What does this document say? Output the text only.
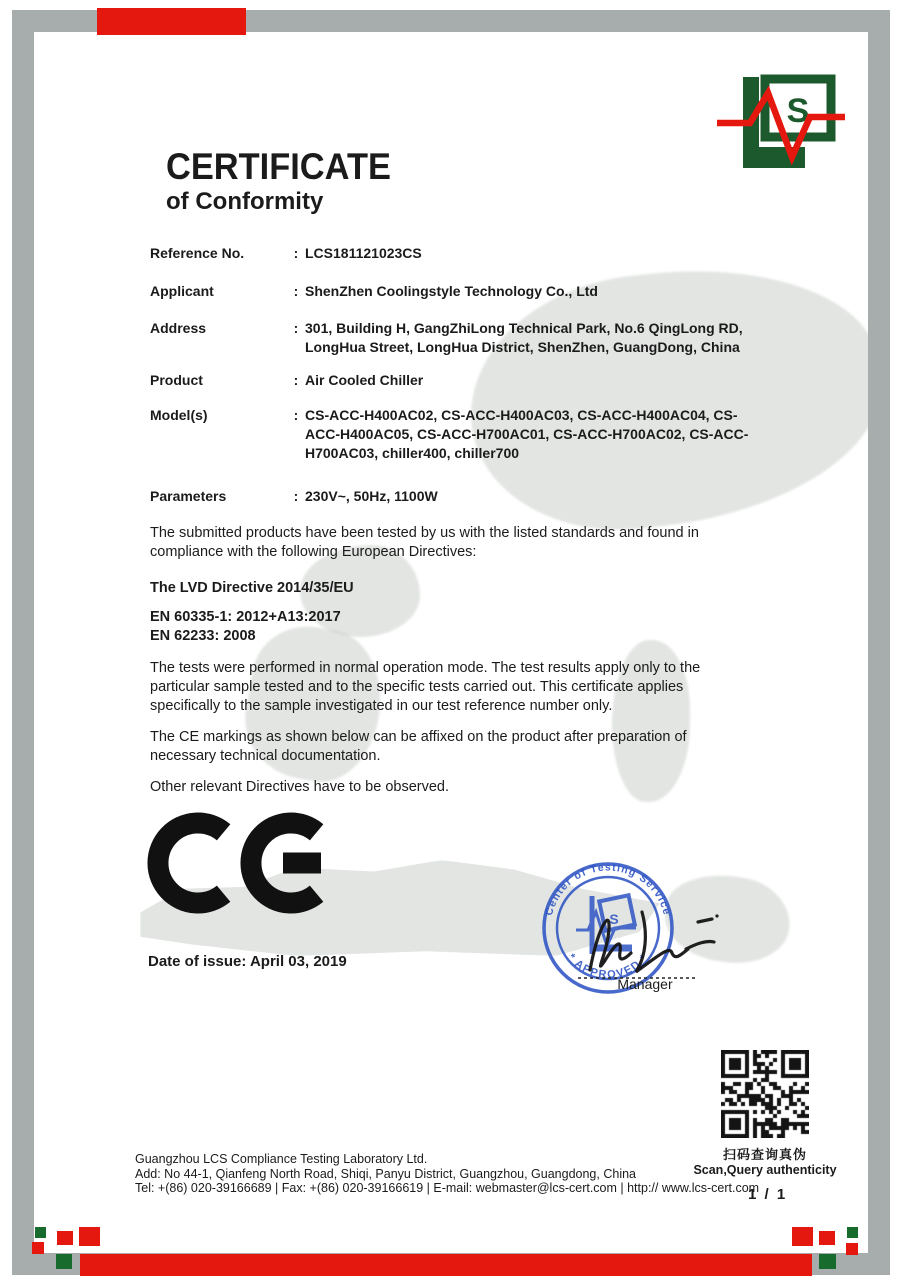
S
CERTIFICATE
of Conformity
Reference No.	: LCS181121023CS
Applicant	: ShenZhen Coolingstyle Technology Co., Ltd
Address	: 301, Building H, GangZhiLong Technical Park, No.6 QingLong RD, LongHua Street, LongHua District, ShenZhen, GuangDong, China
Product	: Air Cooled Chiller
Model(s)	: CS-ACC-H400AC02, CS-ACC-H400AC03, CS-ACC-H400AC04, CS-ACC-H400AC05, CS-ACC-H700AC01, CS-ACC-H700AC02, CS-ACC-H700AC03, chiller400, chiller700
Parameters	: 230V~, 50Hz, 1100W

The submitted products have been tested by us with the listed standards and found in compliance with the following European Directives:

The LVD Directive 2014/35/EU

EN 60335-1: 2012+A13:2017
EN 62233: 2008

The tests were performed in normal operation mode. The test results apply only to the particular sample tested and to the specific tests carried out. This certificate applies specifically to the sample investigated in our test reference number only.

The CE markings as shown below can be affixed on the product after preparation of necessary technical documentation.

Other relevant Directives have to be observed.

Date of issue: April 03, 2019
Center of Testing Service
* APPROVED *
S
Manager
扫码查询真伪
Scan,Query authenticity
1 / 1
Guangzhou LCS Compliance Testing Laboratory Ltd.
Add: No 44-1, Qianfeng North Road, Shiqi, Panyu District, Guangzhou, Guangdong, China
Tel: +(86) 020-39166689 | Fax: +(86) 020-39166619 | E-mail: webmaster@lcs-cert.com | http:// www.lcs-cert.com
